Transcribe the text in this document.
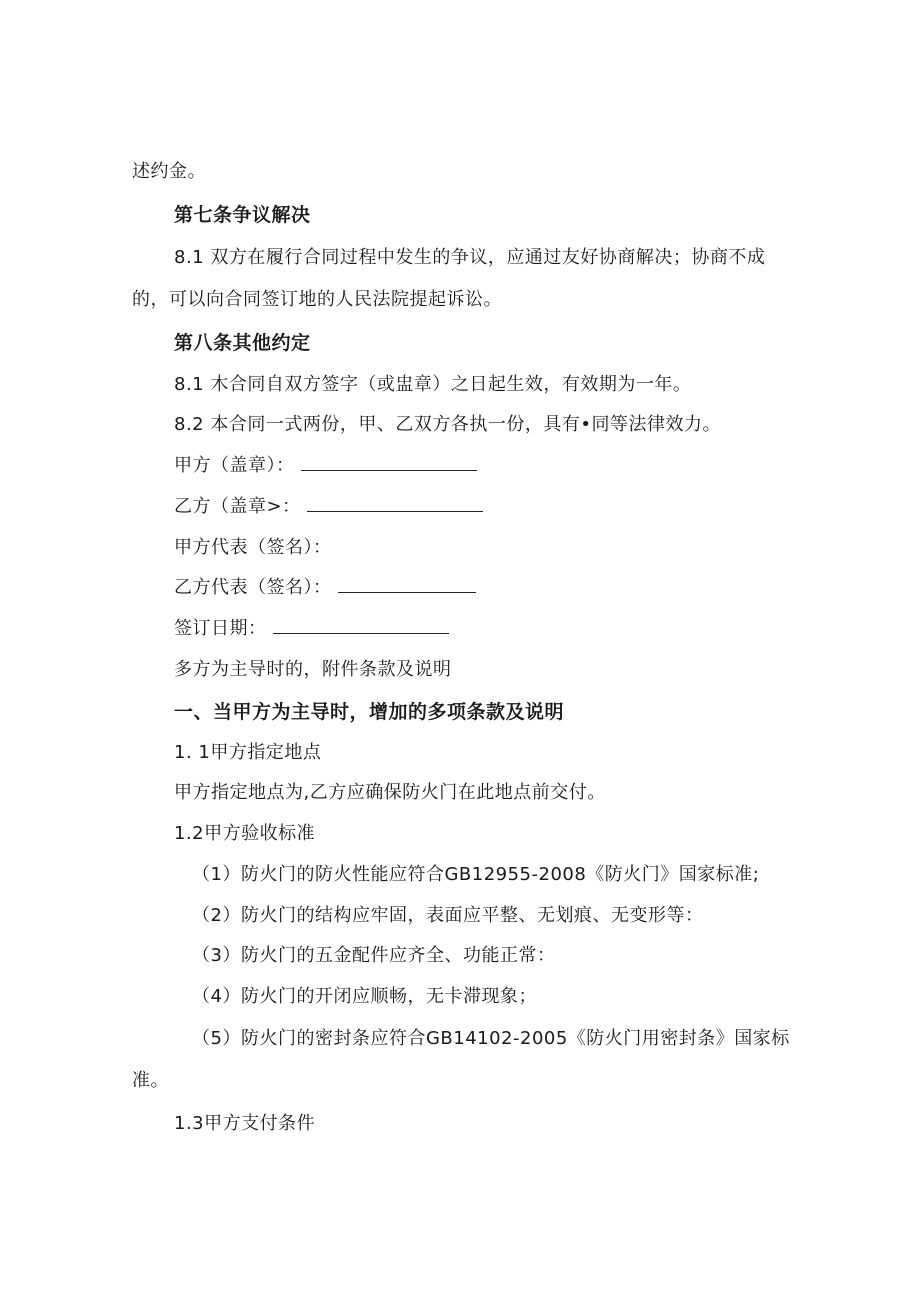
述约金。
第七条争议解决
8.1 双方在履行合同过程中发生的争议，应通过友好协商解决；协商不成
的，可以向合同签订地的人民法院提起诉讼。
第八条其他约定
8.1 木合同自双方签字（或盅章）之日起生效，有效期为一年。
8.2 本合同一式两份，甲、乙双方各执一份，具有•同等法律效力。
甲方（盖章）：
乙方（盖章>：
甲方代表（签名）：
乙方代表（签名）：
签订日期：
多方为主导时的，附件条款及说明
一、当甲方为主导时，增加的多项条款及说明
1. 1甲方指定地点
甲方指定地点为,乙方应确保防火门在此地点前交付。
1.2甲方验收标准
（1）防火门的防火性能应符合GB12955-2008《防火门》国家标准;
（2）防火门的结构应牢固，表面应平整、无划痕、无变形等：
（3）防火门的五金配件应齐全、功能正常：
（4）防火门的开闭应顺畅，无卡滞现象；
（5）防火门的密封条应符合GB14102-2005《防火门用密封条》国家标
准。
1.3甲方支付条件
